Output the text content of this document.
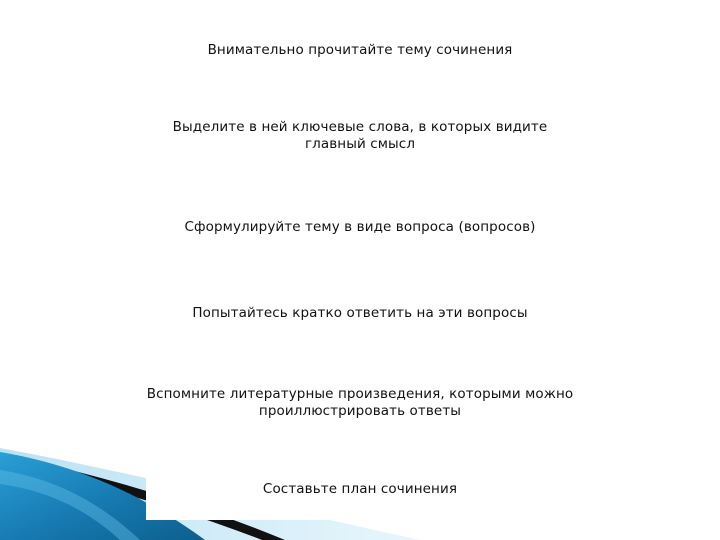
Внимательно прочитайте тему сочинения
Выделите в ней ключевые слова, в которых видите
главный смысл
Сформулируйте тему в виде вопроса (вопросов)
Попытайтесь кратко ответить на эти вопросы
Вспомните литературные произведения, которыми можно
проиллюстрировать ответы
Составьте план сочинения
